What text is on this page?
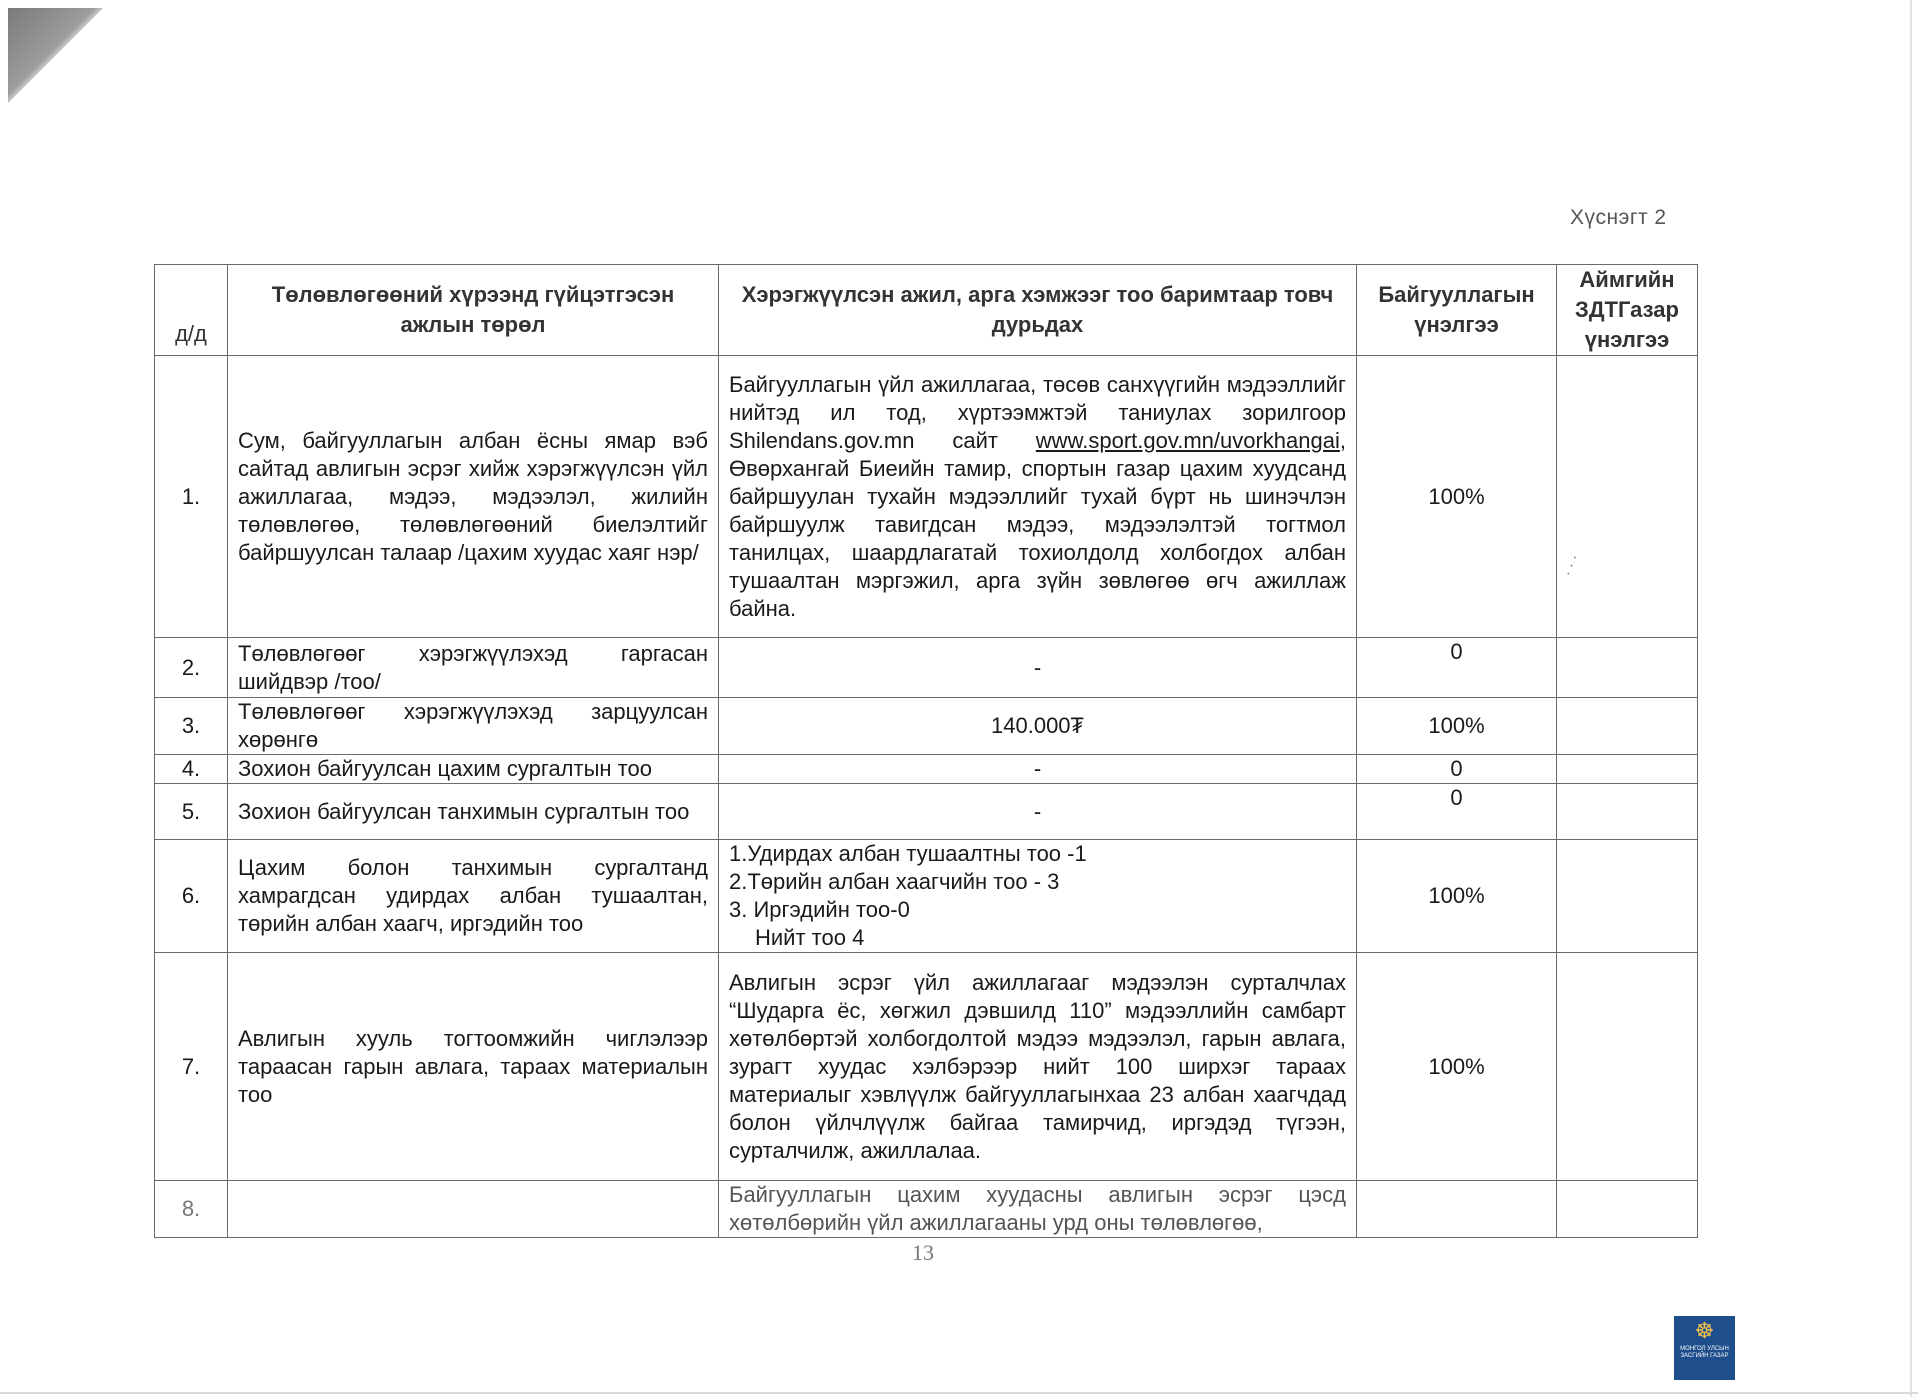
Хүснэгт 2
д/д	Төлөвлөгөөний хүрээнд гүйцэтгэсэн ажлын төрөл	Хэрэгжүүлсэн ажил, арга хэмжээг тоо баримтаар товч дурьдах	Байгууллагын үнэлгээ	Аймгийн ЗДТГазар үнэлгээ
1.	Сум, байгууллагын албан ёсны ямар вэб сайтад авлигын эсрэг хийж хэрэгжүүлсэн үйл ажиллагаа, мэдээ, мэдээлэл, жилийн төлөвлөгөө, төлөвлөгөөний биелэлтийг байршуулсан талаар /цахим хуудас хаяг нэр/	Байгууллагын үйл ажиллагаа, төсөв санхүүгийн мэдээллийг нийтэд ил тод, хүртээмжтэй таниулах зорилгоор Shilendans.gov.mn сайт www.sport.gov.mn/uvorkhangai, Өвөрхангай Биеийн тамир, спортын газар цахим хуудсанд байршуулан тухайн мэдээллийг тухай бүрт нь шинэчлэн байршуулж тавигдсан мэдээ, мэдээлэлтэй тогтмол танилцах, шаардлагатай тохиолдолд холбогдох албан тушаалтан мэргэжил, арга зүйн зөвлөгөө өгч ажиллаж байна.	100%	
2.	Төлөвлөгөөг хэрэгжүүлэхэд гаргасан шийдвэр /тоо/	-	0	
3.	Төлөвлөгөөг хэрэгжүүлэхэд зарцуулсан хөрөнгө	140.000₮	100%	
4.	Зохион байгуулсан цахим сургалтын тоо	-	0	
5.	Зохион байгуулсан танхимын сургалтын тоо	-	0	
6.	Цахим болон танхимын сургалтанд хамрагдсан удирдах албан тушаалтан, төрийн албан хаагч, иргэдийн тоо	1.Удирдах албан тушаалтны тоо -1
2.Төрийн албан хаагчийн тоо - 3
3. Иргэдийн тоо-0
Нийт тоо 4	100%	
7.	Авлигын хууль тогтоомжийн чиглэлээр тараасан гарын авлага, тараах материалын тоо	Авлигын эсрэг үйл ажиллагааг мэдээлэн сурталчлах “Шударга ёс, хөгжил дэвшилд 110” мэдээллийн самбарт хөтөлбөртэй холбогдолтой мэдээ мэдээлэл, гарын авлага, зурагт хуудас хэлбэрээр нийт 100 ширхэг тараах материалыг хэвлүүлж байгууллагынхаа 23 албан хаагчдад болон үйлчлүүлж байгаа тамирчид, иргэдэд түгээн, сурталчилж, ажиллалаа.	100%	
8.		Байгууллагын цахим хуудасны авлигын эсрэг цэсд хөтөлбөрийн үйл ажиллагааны урд оны төлөвлөгөө,		
· · ·
13
☸
МОНГОЛ УЛСЫН ЗАСГИЙН ГАЗАР
